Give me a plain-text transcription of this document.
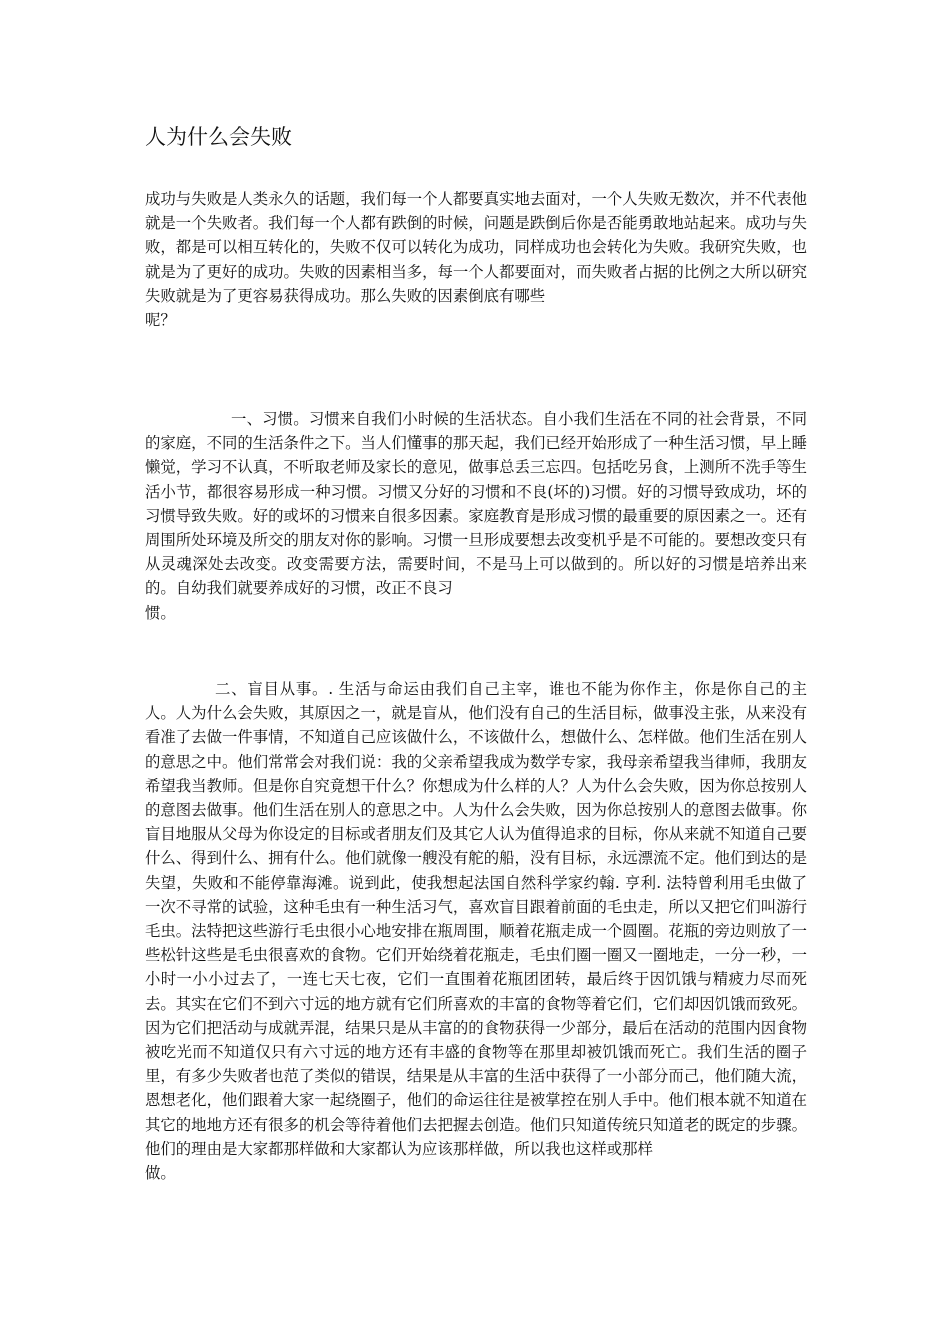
人为什么会失败

成功与失败是人类永久的话题，我们每一个人都要真实地去面对，一个人失败无数次，并不代表他就是一个失败者。我们每一个人都有跌倒的时候，问题是跌倒后你是否能勇敢地站起来。成功与失败，都是可以相互转化的，失败不仅可以转化为成功，同样成功也会转化为失败。我研究失败，也就是为了更好的成功。失败的因素相当多，每一个人都要面对，而失败者占据的比例之大所以研究失败就是为了更容易获得成功。那么失败的因素倒底有哪些

呢？

一、习惯。习惯来自我们小时候的生活状态。自小我们生活在不同的社会背景，不同的家庭，不同的生活条件之下。当人们懂事的那天起，我们已经开始形成了一种生活习惯，早上睡懒觉，学习不认真，不听取老师及家长的意见，做事总丢三忘四。包括吃另食，上测所不洗手等生活小节，都很容易形成一种习惯。习惯又分好的习惯和不良(坏的)习惯。好的习惯导致成功，坏的习惯导致失败。好的或坏的习惯来自很多因素。家庭教育是形成习惯的最重要的原因素之一。还有周围所处环境及所交的朋友对你的影响。习惯一旦形成要想去改变机乎是不可能的。要想改变只有从灵魂深处去改变。改变需要方法，需要时间，不是马上可以做到的。所以好的习惯是培养出来的。自幼我们就要养成好的习惯，改正不良习

惯。

二、盲目从事。. 生活与命运由我们自己主宰，谁也不能为你作主，你是你自己的主人。人为什么会失败，其原因之一，就是盲从，他们没有自己的生活目标，做事没主张，从来没有看准了去做一件事情，不知道自己应该做什么，不该做什么，想做什么、怎样做。他们生活在别人的意思之中。他们常常会对我们说：我的父亲希望我成为数学专家，我母亲希望我当律师，我朋友希望我当教师。但是你自究竟想干什么？你想成为什么样的人？人为什么会失败，因为你总按别人的意图去做事。他们生活在别人的意思之中。人为什么会失败，因为你总按别人的意图去做事。你盲目地服从父母为你设定的目标或者朋友们及其它人认为值得追求的目标，你从来就不知道自己要什么、得到什么、拥有什么。他们就像一艘没有舵的船，没有目标，永远漂流不定。他们到达的是失望，失败和不能停靠海滩。说到此，使我想起法国自然科学家约翰. 亨利. 法特曾利用毛虫做了一次不寻常的试验，这种毛虫有一种生活习气，喜欢盲目跟着前面的毛虫走，所以又把它们叫游行毛虫。法特把这些游行毛虫很小心地安排在瓶周围，顺着花瓶走成一个圆圈。花瓶的旁边则放了一些松针这些是毛虫很喜欢的食物。它们开始绕着花瓶走，毛虫们圈一圈又一圈地走，一分一秒，一小时一小小过去了，一连七天七夜，它们一直围着花瓶团团转，最后终于因饥饿与精疲力尽而死去。其实在它们不到六寸远的地方就有它们所喜欢的丰富的食物等着它们，它们却因饥饿而致死。因为它们把活动与成就弄混，结果只是从丰富的的食物获得一少部分，最后在活动的范围内因食物被吃光而不知道仅只有六寸远的地方还有丰盛的食物等在那里却被饥饿而死亡。我们生活的圈子里，有多少失败者也范了类似的错误，结果是从丰富的生活中获得了一小部分而己，他们随大流，恩想老化，他们跟着大家一起绕圈子，他们的命运往往是被掌控在别人手中。他们根本就不知道在其它的地地方还有很多的机会等待着他们去把握去创造。他们只知道传统只知道老的既定的步骤。他们的理由是大家都那样做和大家都认为应该那样做，所以我也这样或那样

做。
